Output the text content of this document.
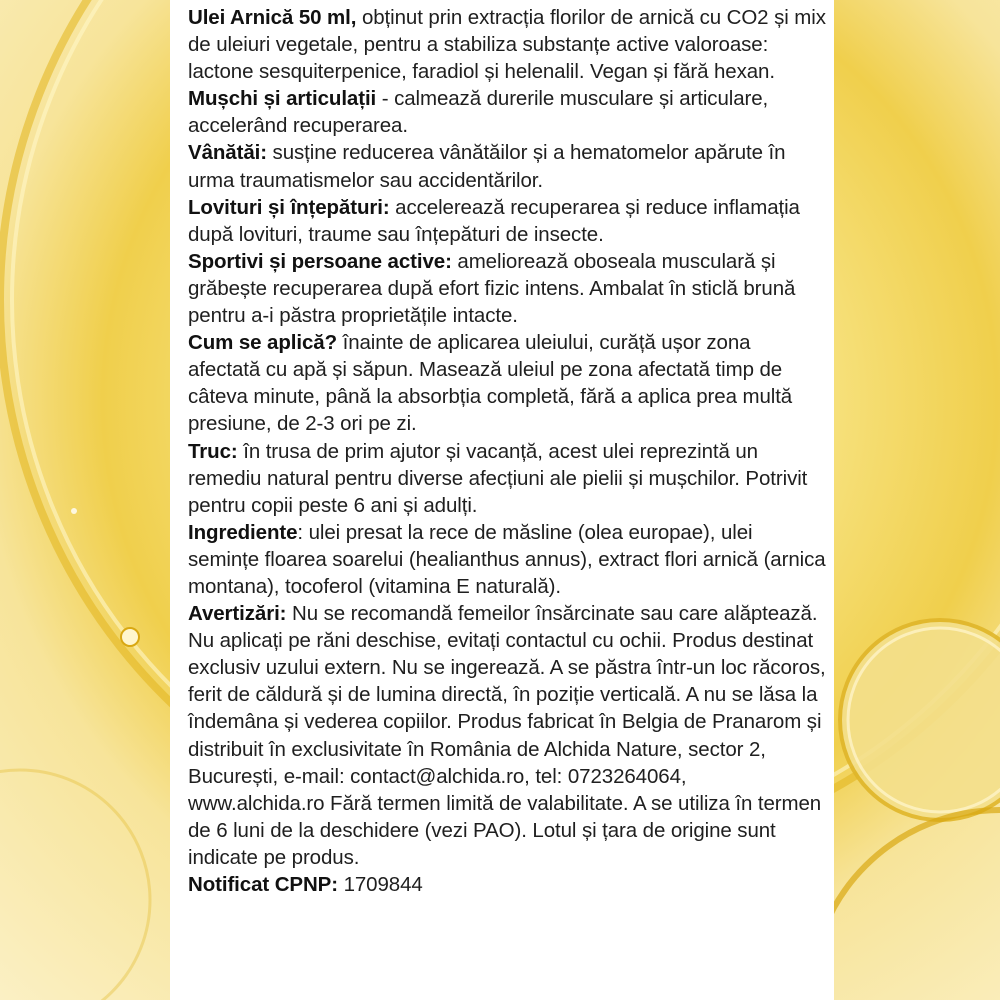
Ulei Arnică 50 ml, obținut prin extracția florilor de arnică cu CO2 și mix de uleiuri vegetale, pentru a stabiliza substanțe active valoroase: lactone sesquiterpenice, faradiol și helenalil. Vegan și fără hexan.

Mușchi și articulații - calmează durerile musculare și articulare, accelerând recuperarea.

Vânătăi: susține reducerea vânătăilor și a hematomelor apărute în urma traumatismelor sau accidentărilor.

Lovituri și înțepături: accelerează recuperarea și reduce inflamația după lovituri, traume sau înțepături de insecte.

Sportivi și persoane active: ameliorează oboseala musculară și grăbește recuperarea după efort fizic intens. Ambalat în sticlă brună pentru a-i păstra proprietățile intacte.

Cum se aplică? înainte de aplicarea uleiului, curăță ușor zona afectată cu apă și săpun. Masează uleiul pe zona afectată timp de câteva minute, până la absorbția completă, fără a aplica prea multă presiune, de 2-3 ori pe zi.

Truc: în trusa de prim ajutor și vacanță, acest ulei reprezintă un remediu natural pentru diverse afecțiuni ale pielii și mușchilor. Potrivit pentru copii peste 6 ani și adulți.

Ingrediente: ulei presat la rece de măsline (olea europae), ulei semințe floarea soarelui (healianthus annus), extract flori arnică (arnica montana), tocoferol (vitamina E naturală).

Avertizări: Nu se recomandă femeilor însărcinate sau care alăptează. Nu aplicați pe răni deschise, evitați contactul cu ochii. Produs destinat exclusiv uzului extern. Nu se ingerează. A se păstra într-un loc răcoros, ferit de căldură și de lumina directă, în poziție verticală. A nu se lăsa la îndemâna și vederea copiilor. Produs fabricat în Belgia de Pranarom și distribuit în exclusivitate în România de Alchida Nature, sector 2, București, e-mail: contact@alchida.ro, tel: 0723264064, www.alchida.ro Fără termen limită de valabilitate. A se utiliza în termen de 6 luni de la deschidere (vezi PAO). Lotul și țara de origine sunt indicate pe produs.

Notificat CPNP: 1709844
